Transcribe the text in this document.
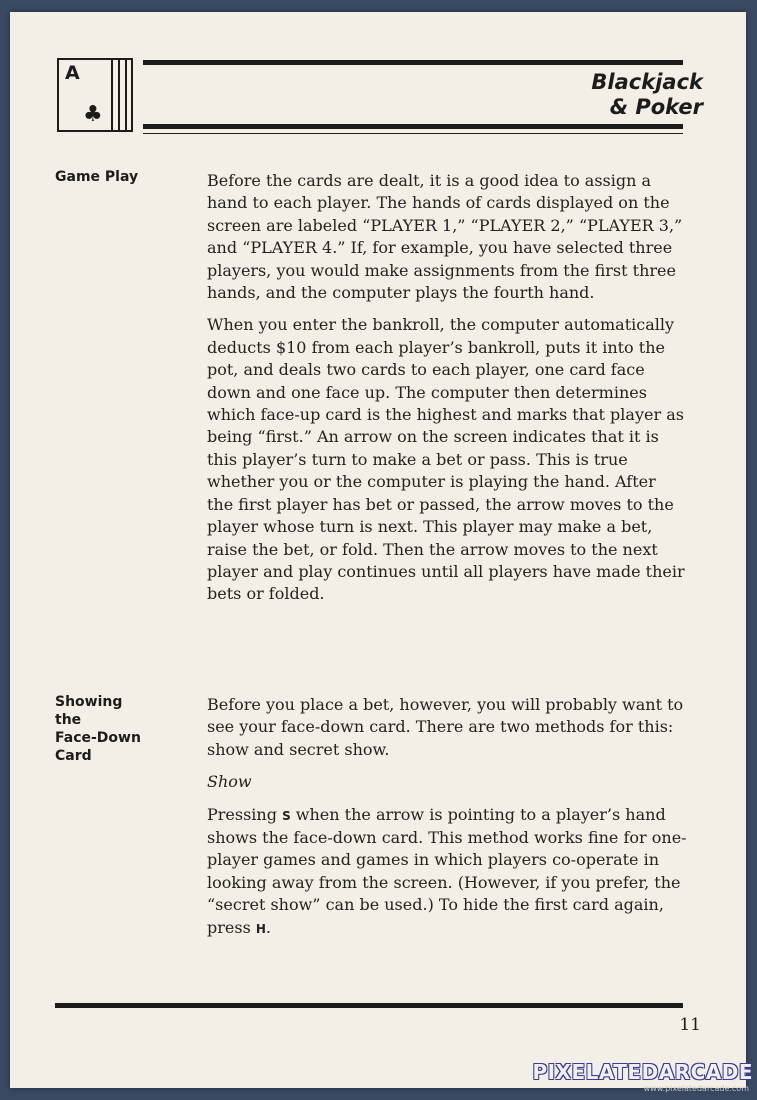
A
♣
Blackjack
& Poker
Game Play	Before the cards are dealt, it is a good idea to assign a hand to each player. The hands of cards displayed on the screen are labeled “PLAYER 1,” “PLAYER 2,” “PLAYER 3,” and “PLAYER 4.” If, for example, you have selected three players, you would make assignments from the first three hands, and the computer plays the fourth hand.

When you enter the bankroll, the computer automatically deducts $10 from each player’s bankroll, puts it into the pot, and deals two cards to each player, one card face down and one face up. The computer then determines which face-up card is the highest and marks that player as being “first.” An arrow on the screen indicates that it is this player’s turn to make a bet or pass. This is true whether you or the computer is playing the hand. After the first player has bet or passed, the arrow moves to the player whose turn is next. This player may make a bet, raise the bet, or fold. Then the arrow moves to the next player and play continues until all players have made their bets or folded.

Showing
the
Face-Down
Card

Before you place a bet, however, you will probably want to see your face-down card. There are two methods for this: show and secret show.

Show

Pressing S when the arrow is pointing to a player’s hand shows the face-down card. This method works fine for one-player games and games in which players co-operate in looking away from the screen. (However, if you prefer, the “secret show” can be used.) To hide the first card again, press H.

11
PIXELATEDARCADE
www.pixelatedarcade.com
